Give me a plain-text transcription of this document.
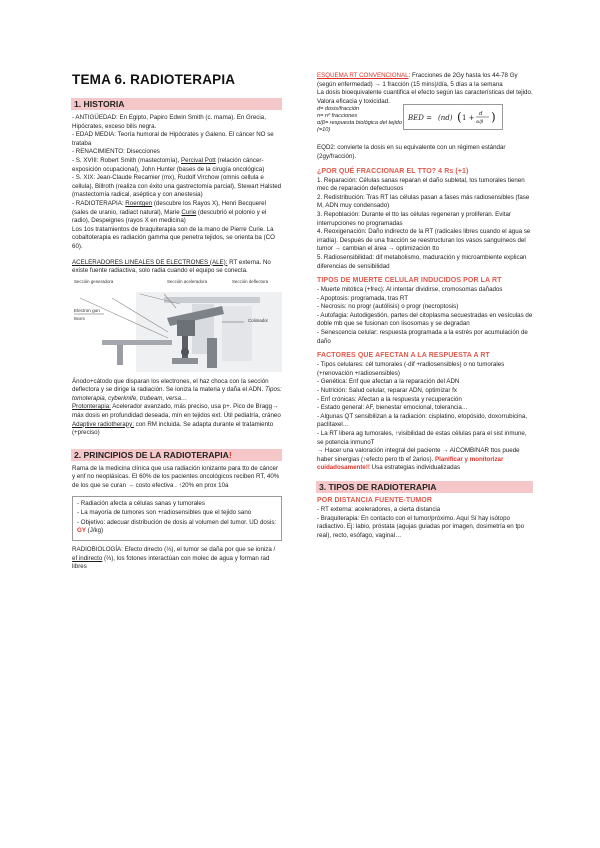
TEMA 6. RADIOTERAPIA
1. HISTORIA

- ANTIGÜEDAD: En Egipto, Papiro Edwin Smith (c. mama). En Grecia, Hipócrates, exceso bilis negra.

- EDAD MEDIA: Teoría humoral de Hipócrates y Galeno. El cáncer NO se trataba

- RENACIMIENTO: Disecciones

- S. XVIII: Robert Smith (mastectomía), Percival Pott (relación cáncer- exposición ocupacional), John Hunter (bases de la cirugía oncológica)

- S. XIX: Jean-Claude Recamier (mx), Rudolf Virchow (omnis cellula e cellula), Billroth (realiza con éxito una gastrectomía parcial), Stewart Halsted (mastectomía radical, aséptica y con anestesia)

- RADIOTERAPIA: Roentgen (descubre los Rayos X), Henri Becquerel (sales de uranio, radiact natural), Marie Curie (descubrió el polonio y el radio), Despeignes (rayos X en medicina)

Los 1os tratamientos de braquiterapia son de la mano de Pierre Curie. La cobaltoterapia es radiación gamma que penetra tejidos, se orienta ba (CO 60).

ACELERADORES LINEALES DE ELECTRONES (ALE): RT externa. No existe fuente radiactiva, solo radia cuando el equipo se conecta.

Electron gun
Beam
Sección generadora	Sección aceleradora	Sección deflectora
Colimador

Ánodo+cátodo que disparan los electrones, el haz choca con la sección deflectora y se dirige la radiación. Se ioniza la materia y daña el ADN. Tipos: tomoterapia, cyberknife, trubeam, versa…

Protonterapia: Acelerador avanzado, más preciso, usa p+. Pico de Bragg→ máx dosis en profundidad deseada, mín en tejidos ext. Útil pediatría, cráneo

Adaptive radiotherapy: con RM incluida. Se adapta durante el tratamiento (+preciso)

2. PRINCIPIOS DE LA RADIOTERAPIA!

Rama de la medicina clínica que usa radiación ionizante para tto de cáncer y enf no neoplásicas. El 60% de los pacientes oncológicos reciben RT, 40% de los que se curan → costo efectiva . ↑20% en prox 10a

- Radiación afecta a células sanas y tumorales

- La mayoría de tumores son +radiosensibles que el tejido sano

- Objetivo: adecuar distribución de dosis al volumen del tumor. UD dosis: GY (J/kg)

RADIOBIOLOGÍA: Efecto directo (⅓), el tumor se daña por que se ioniza / ef indirecto (⅔), los fotones interactúan con molec de agua y forman rad libres

ESQUEMA RT CONVENCIONAL: Fracciones de 2Gy hasta los 44-78 Gy (según enfermedad) → 1 fracción (15 mins)/día, 5 días a la semana

La dosis bioequivalente cuantifica el efecto según las características del tejido. Valora eficacia y toxicidad.

d= dosis/fracción

n= nº fracciones

α/β= respuesta biológica del tejido (=10)

BED = (nd) ( 1 + d
α/β )

EQD2: convierte la dosis en su equivalente con un régimen estándar (2gy/fracción).

¿POR QUÉ FRACCIONAR EL TTO? 4 Rs (+1)

1. Reparación: Células sanas reparan el daño subletal, los tumorales tienen mec de reparación defectuosos

2. Redistribución: Tras RT las células pasan a fases más radiosensibles (fase M, ADN muy condensado)

3. Repoblación: Durante el tto las células regeneran y proliferan. Evitar interrupciones no programadas

4. Reoxigenación: Daño indirecto de la RT (radicales libres cuando el agua se irradia). Después de una fracción se reestructuran los vasos sanguíneos del tumor → cambian el área → optimización tto

5. Radiosensibilidad: dif metabolismo, maduración y microambiente explican diferencias de sensibilidad

TIPOS DE MUERTE CELULAR INDUCIDOS POR LA RT

- Muerte mitótica (+frec): Al intentar dividirse, cromosomas dañados

- Apoptosis: programada, tras RT

- Necrosis: no progr (autólisis) o progr (necroptosis)

- Autofagia: Autodigestión, partes del citoplasma secuestradas en vesículas de doble mb que se fusionan con lisosomas y se degradan

- Senescencia celular: respuesta programada a la estrés por acumulación de daño

FACTORES QUE AFECTAN A LA RESPUESTA A RT

- Tipos celulares: cél tumorales (-dif +radiosensibles) o no tumorales (+renovación +radiosensibles)

- Genética: Enf que afectan a la reparación del ADN

- Nutrición: Salud celular, reparar ADN, optimizar fx

- Enf crónicas: Afectan a la respuesta y recuperación

- Estado general: AF, bienestar emocional, tolerancia…

- Algunas QT sensibilizan a la radiación: cisplatino, etopósido, doxorrubicina, paclitaxel…

- La RT libera ag tumorales, ↑visibilidad de estas células para el sist inmune, se potencia inmunoT

→ Hacer una valoración integral del paciente → AICOMBINAR ttos puede haber sinergias (↑efecto pero tb ef 2arios). Planificar y monitorizar cuidadosamente!! Usa estrategias individualizadas

3. TIPOS DE RADIOTERAPIA
POR DISTANCIA FUENTE-TUMOR

- RT externa: aceleradores, a cierta distancia

- Braquiterapia: En contacto con el tumor/próximo. Aquí Sí hay isótopo radiactivo. Ej: labio, próstata (agujas guiadas por imagen, dosimetría en tpo real), recto, esófago, vaginal…
